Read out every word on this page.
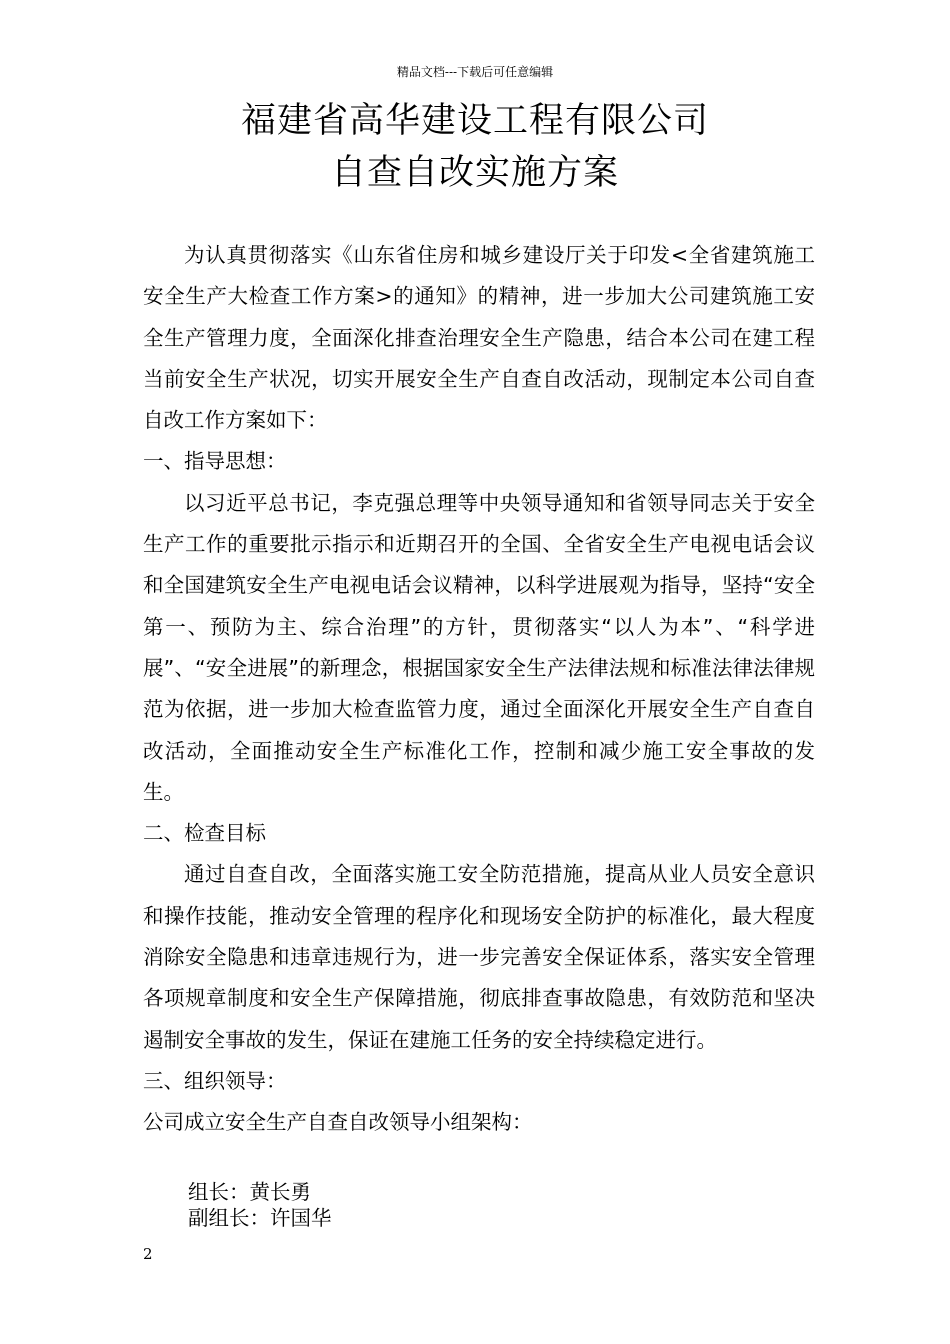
精品文档---下载后可任意编辑
福建省高华建设工程有限公司
自查自改实施方案

为认真贯彻落实《山东省住房和城乡建设厅关于印发<全省建筑施工安全生产大检查工作方案>的通知》的精神，进一步加大公司建筑施工安全生产管理力度，全面深化排查治理安全生产隐患，结合本公司在建工程当前安全生产状况，切实开展安全生产自查自改活动，现制定本公司自查自改工作方案如下：

一、指导思想：

以习近平总书记，李克强总理等中央领导通知和省领导同志关于安全生产工作的重要批示指示和近期召开的全国、全省安全生产电视电话会议和全国建筑安全生产电视电话会议精神，以科学进展观为指导，坚持“安全第一、预防为主、综合治理”的方针，贯彻落实“以人为本”、“科学进展”、“安全进展”的新理念，根据国家安全生产法律法规和标准法律法律规范为依据，进一步加大检查监管力度，通过全面深化开展安全生产自查自改活动，全面推动安全生产标准化工作，控制和减少施工安全事故的发生。

二、检查目标

通过自查自改，全面落实施工安全防范措施，提高从业人员安全意识和操作技能，推动安全管理的程序化和现场安全防护的标准化，最大程度消除安全隐患和违章违规行为，进一步完善安全保证体系，落实安全管理各项规章制度和安全生产保障措施，彻底排查事故隐患，有效防范和坚决遏制安全事故的发生，保证在建施工任务的安全持续稳定进行。

三、组织领导：

公司成立安全生产自查自改领导小组架构：

组长：黄长勇
副组长：许国华
2
